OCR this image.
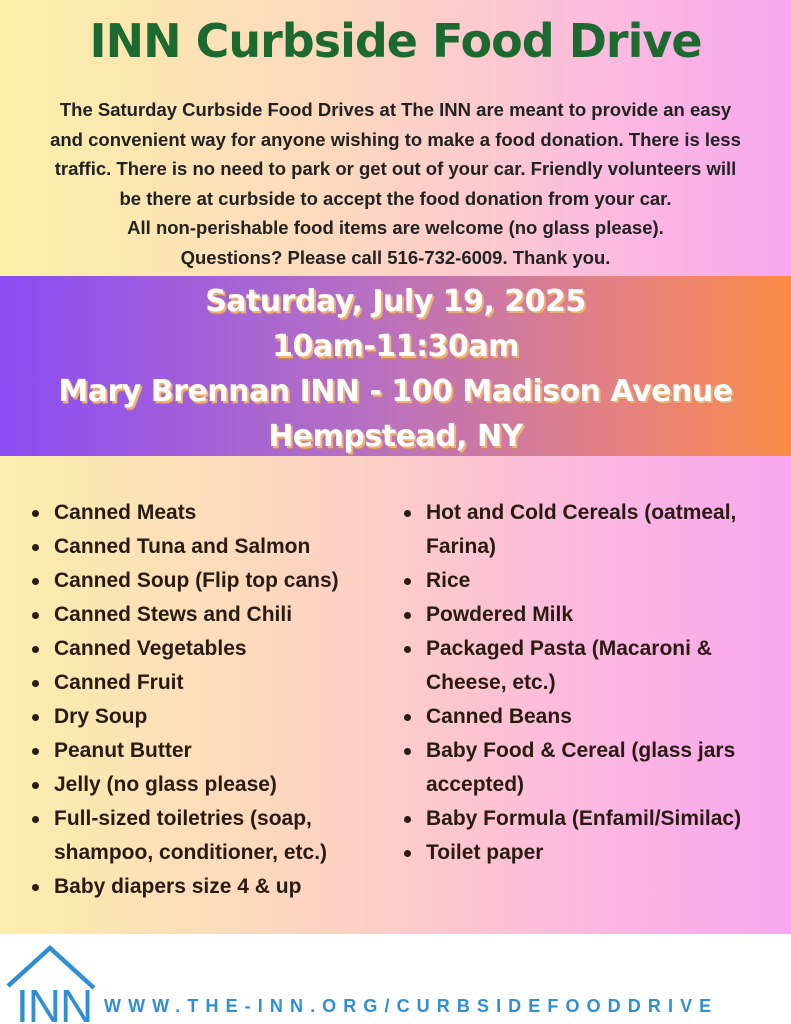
INN Curbside Food Drive
The Saturday Curbside Food Drives at The INN are meant to provide an easy
and convenient way for anyone wishing to make a food donation. There is less
traffic. There is no need to park or get out of your car. Friendly volunteers will
be there at curbside to accept the food donation from your car.
All non-perishable food items are welcome (no glass please).
Questions? Please call 516-732-6009. Thank you.
Saturday, July 19, 2025
10am-11:30am
Mary Brennan INN - 100 Madison Avenue
Hempstead, NY
Canned Meats
Canned Tuna and Salmon
Canned Soup (Flip top cans)
Canned Stews and Chili
Canned Vegetables
Canned Fruit
Dry Soup
Peanut Butter
Jelly (no glass please)
Full-sized toiletries (soap, shampoo, conditioner, etc.)
Baby diapers size 4 & up
Hot and Cold Cereals (oatmeal, Farina)
Rice
Powdered Milk
Packaged Pasta (Macaroni & Cheese, etc.)
Canned Beans
Baby Food & Cereal (glass jars accepted)
Baby Formula (Enfamil/Similac)
Toilet paper
INN WWW.THE-INN.ORG/CURBSIDEFOODDRIVE
